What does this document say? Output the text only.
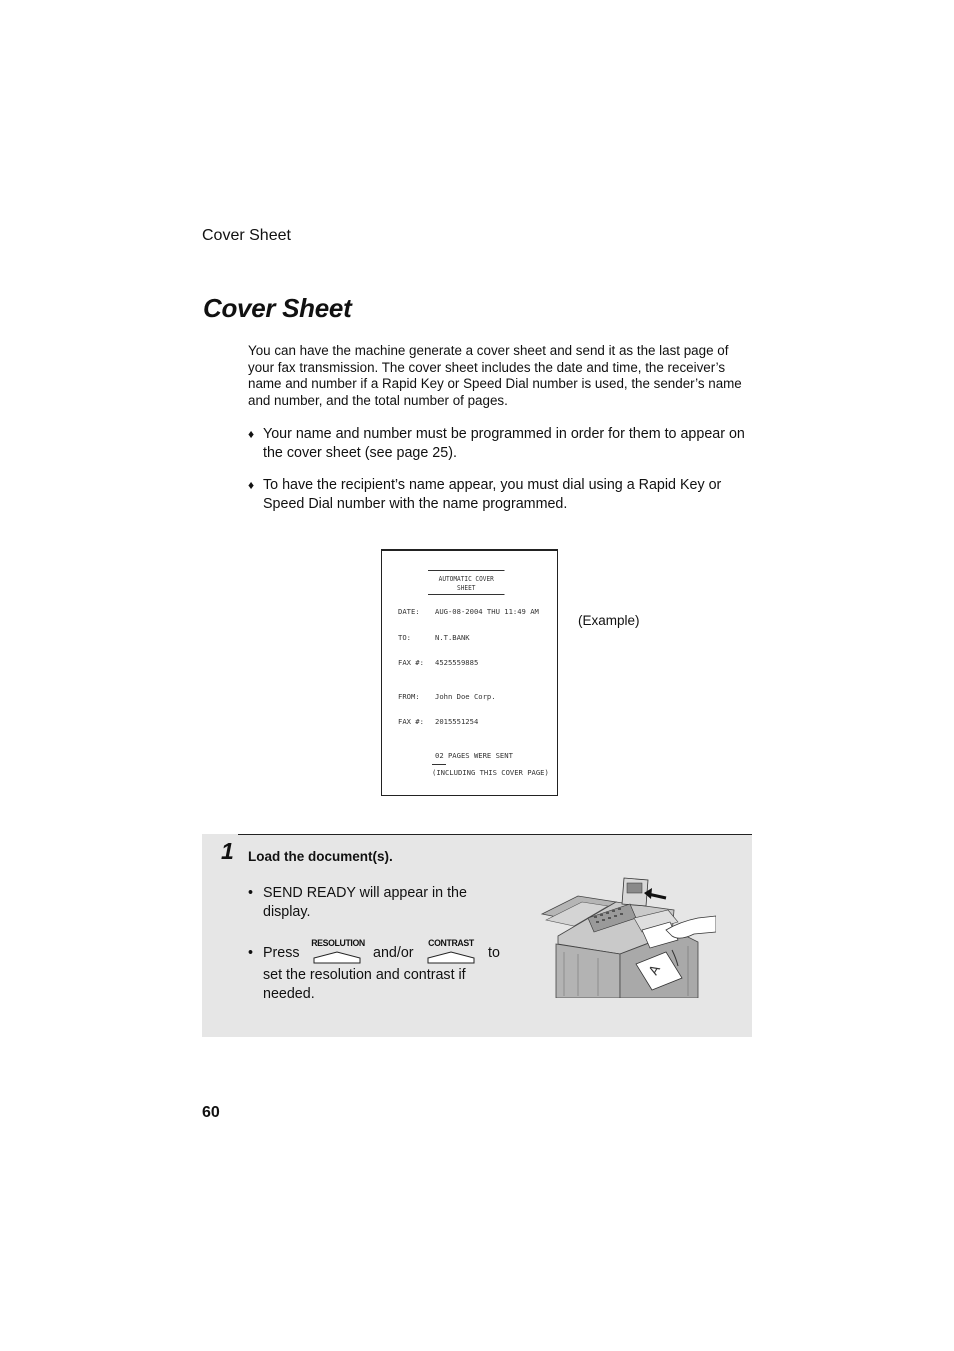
Cover Sheet
Cover Sheet
You can have the machine generate a cover sheet and send it as the last page of your fax transmission. The cover sheet includes the date and time, the receiver’s name and number if a Rapid Key or Speed Dial number is used, the sender’s name and number, and the total number of pages.
♦ Your name and number must be programmed in order for them to appear on the cover sheet (see page 25).
♦ To have the recipient’s name appear, you must dial using a Rapid Key or Speed Dial number with the name programmed.
AUTOMATIC COVER SHEET
DATE: AUG-08-2004 THU 11:49 AM
TO:	N.T.BANK
FAX #: 4525559885
FROM: John Doe Corp.
FAX #: 2015551254
02 PAGES WERE SENT
(INCLUDING THIS COVER PAGE)
(Example)
1 Load the document(s).
• SEND READY will appear in the display.
• Press
RESOLUTION
and/or
CONTRAST
to
set the resolution and contrast if needed.
A
60
